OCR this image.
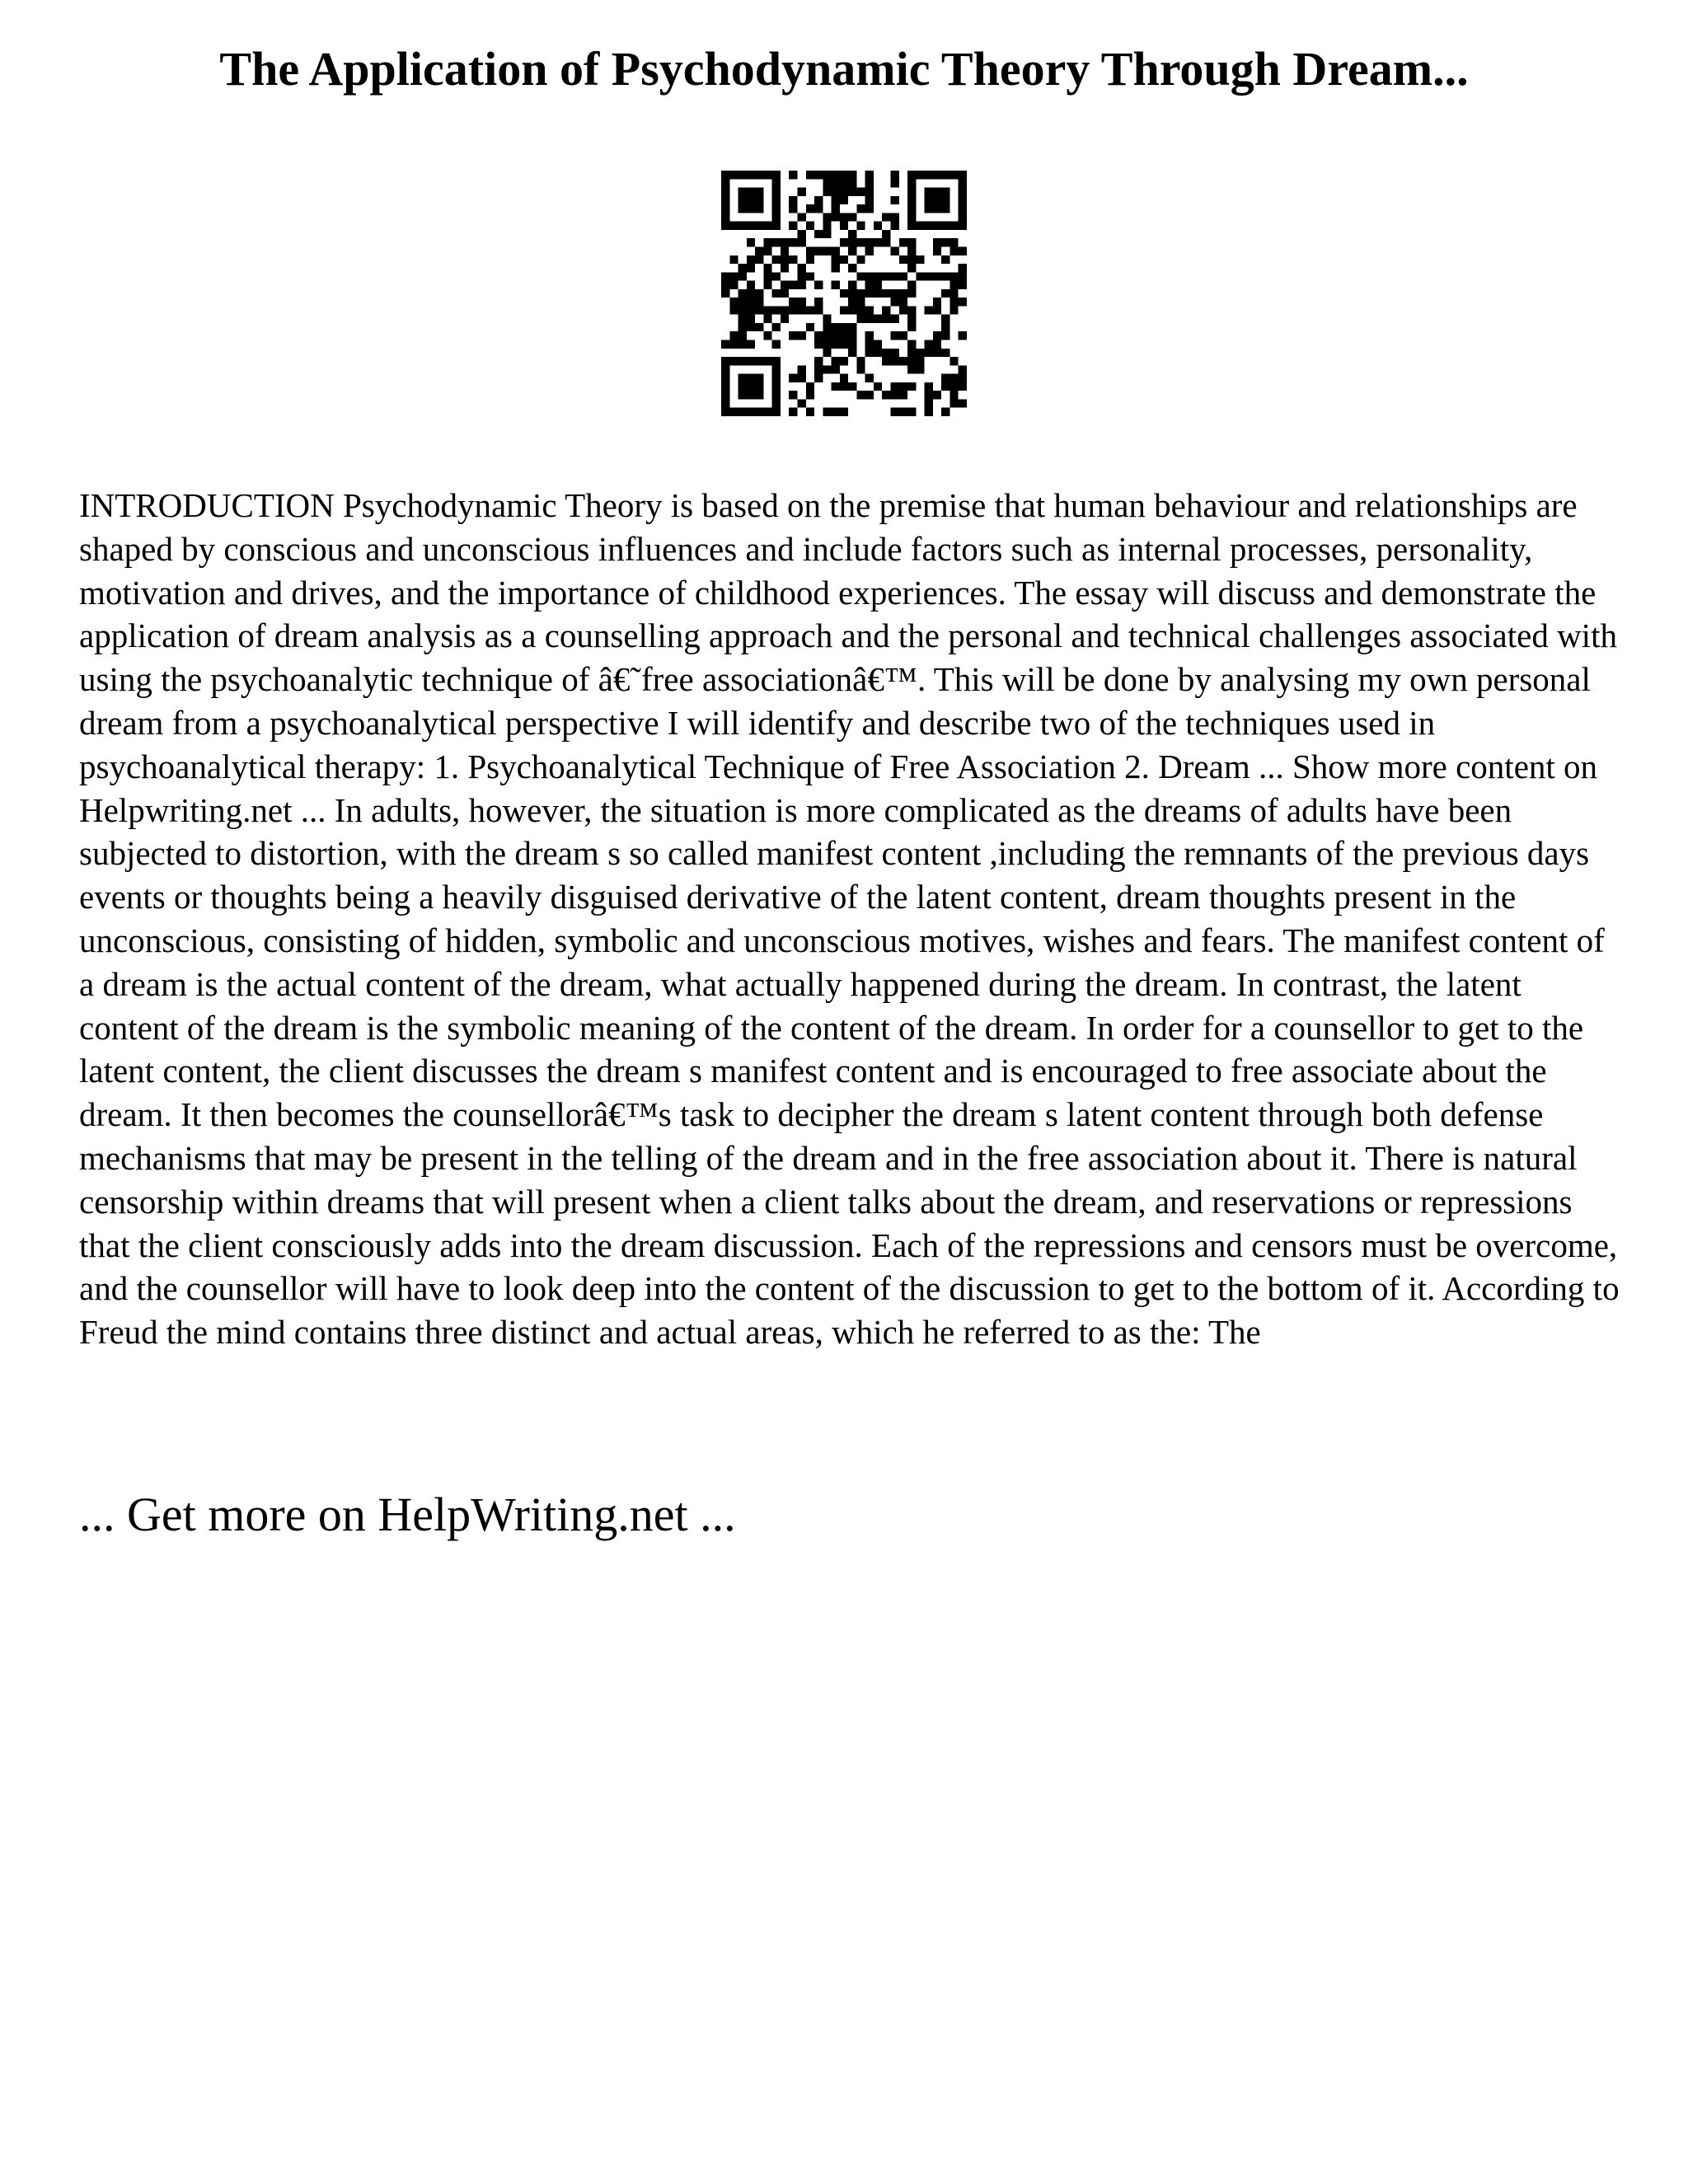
The Application of Psychodynamic Theory Through Dream...

INTRODUCTION Psychodynamic Theory is based on the premise that human behaviour and relationships are shaped by conscious and unconscious influences and include factors such as internal processes, personality, motivation and drives, and the importance of childhood experiences. The essay will discuss and demonstrate the application of dream analysis as a counselling approach and the personal and technical challenges associated with using the psychoanalytic technique of â€˜free associationâ€™. This will be done by analysing my own personal dream from a psychoanalytical perspective I will identify and describe two of the techniques used in psychoanalytical therapy: 1. Psychoanalytical Technique of Free Association 2. Dream ... Show more content on Helpwriting.net ... In adults, however, the situation is more complicated as the dreams of adults have been subjected to distortion, with the dream s so called manifest content ,including the remnants of the previous days events or thoughts being a heavily disguised derivative of the latent content, dream thoughts present in the unconscious, consisting of hidden, symbolic and unconscious motives, wishes and fears. The manifest content of a dream is the actual content of the dream, what actually happened during the dream. In contrast, the latent content of the dream is the symbolic meaning of the content of the dream. In order for a counsellor to get to the latent content, the client discusses the dream s manifest content and is encouraged to free associate about the dream. It then becomes the counsellorâ€™s task to decipher the dream s latent content through both defense mechanisms that may be present in the telling of the dream and in the free association about it. There is natural censorship within dreams that will present when a client talks about the dream, and reservations or repressions that the client consciously adds into the dream discussion. Each of the repressions and censors must be overcome, and the counsellor will have to look deep into the content of the discussion to get to the bottom of it. According to Freud the mind contains three distinct and actual areas, which he referred to as the: The

... Get more on HelpWriting.net ...
